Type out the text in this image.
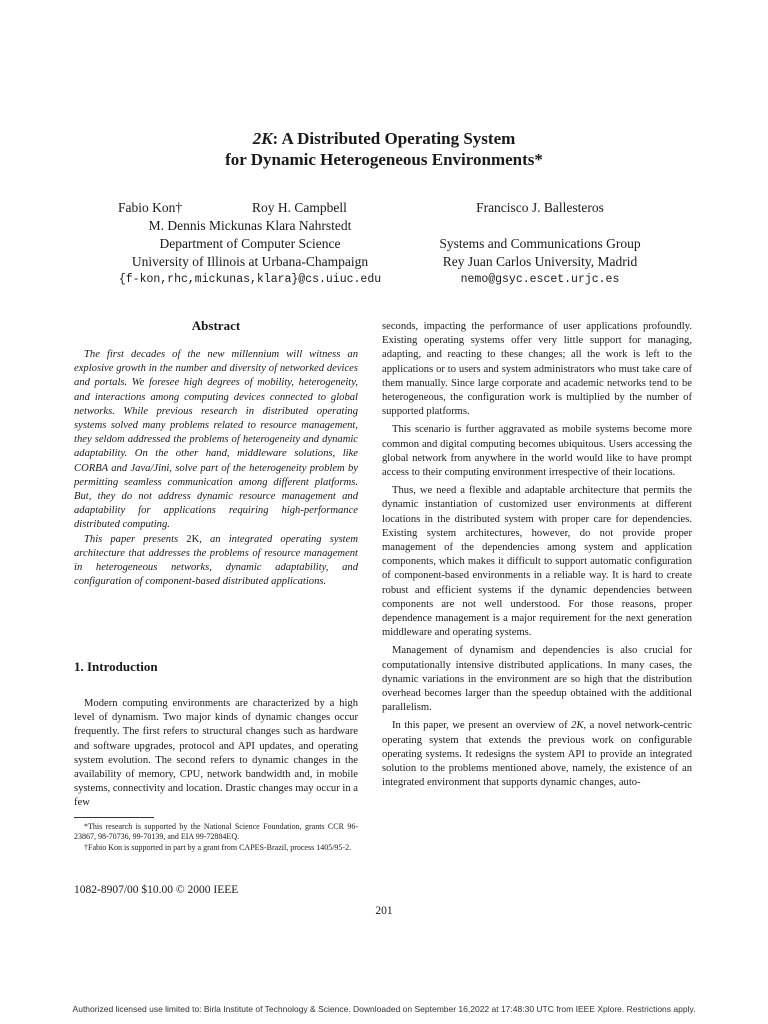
2K: A Distributed Operating System
for Dynamic Heterogeneous Environments*
Fabio Kon†	Roy H. Campbell
M. Dennis Mickunas Klara Nahrstedt
Department of Computer Science
University of Illinois at Urbana-Champaign
{f-kon,rhc,mickunas,klara}@cs.uiuc.edu
Francisco J. Ballesteros
Systems and Communications Group
Rey Juan Carlos University, Madrid
nemo@gsyc.escet.urjc.es
Abstract

The first decades of the new millennium will witness an explosive growth in the number and diversity of networked devices and portals. We foresee high degrees of mobility, heterogeneity, and interactions among computing devices connected to global networks. While previous research in distributed operating systems solved many problems related to resource management, they seldom addressed the problems of heterogeneity and dynamic adaptability. On the other hand, middleware solutions, like CORBA and Java/Jini, solve part of the heterogeneity problem by permitting seamless communication among different platforms. But, they do not address dynamic resource management and adaptability for applications requiring high-performance distributed computing.

This paper presents 2K, an integrated operating system architecture that addresses the problems of resource management in heterogeneous networks, dynamic adaptability, and configuration of component-based distributed applications.

1. Introduction

Modern computing environments are characterized by a high level of dynamism. Two major kinds of dynamic changes occur frequently. The first refers to structural changes such as hardware and software upgrades, protocol and API updates, and operating system evolution. The second refers to dynamic changes in the availability of memory, CPU, network bandwidth and, in mobile systems, connectivity and location. Drastic changes may occur in a few

*This research is supported by the National Science Foundation, grants CCR 96-23867, 98-70736, 99-70139, and EIA 99-72884EQ.
†Fabio Kon is supported in part by a grant from CAPES-Brazil, process 1405/95-2.

seconds, impacting the performance of user applications profoundly. Existing operating systems offer very little support for managing, adapting, and reacting to these changes; all the work is left to the applications or to users and system administrators who must take care of them manually. Since large corporate and academic networks tend to be heterogeneous, the configuration work is multiplied by the number of supported platforms.

This scenario is further aggravated as mobile systems become more common and digital computing becomes ubiquitous. Users accessing the global network from anywhere in the world would like to have prompt access to their computing environment irrespective of their locations.

Thus, we need a flexible and adaptable architecture that permits the dynamic instantiation of customized user environments at different locations in the distributed system with proper care for dependencies. Existing system architectures, however, do not provide proper management of the dependencies among system and application components, which makes it difficult to support automatic configuration of component-based environments in a reliable way. It is hard to create robust and efficient systems if the dynamic dependencies between components are not well understood. For those reasons, proper dependence management is a major requirement for the next generation middleware and operating systems.

Management of dynamism and dependencies is also crucial for computationally intensive distributed applications. In many cases, the dynamic variations in the environment are so high that the distribution overhead becomes larger than the speedup obtained with the additional parallelism.

In this paper, we present an overview of 2K, a novel network-centric operating system that extends the previous work on configurable operating systems. It redesigns the system API to provide an integrated solution to the problems mentioned above, namely, the existence of an integrated environment that supports dynamic changes, auto-

1082-8907/00 $10.00 © 2000 IEEE
201
Authorized licensed use limited to: Birla Institute of Technology & Science. Downloaded on September 16,2022 at 17:48:30 UTC from IEEE Xplore. Restrictions apply.
